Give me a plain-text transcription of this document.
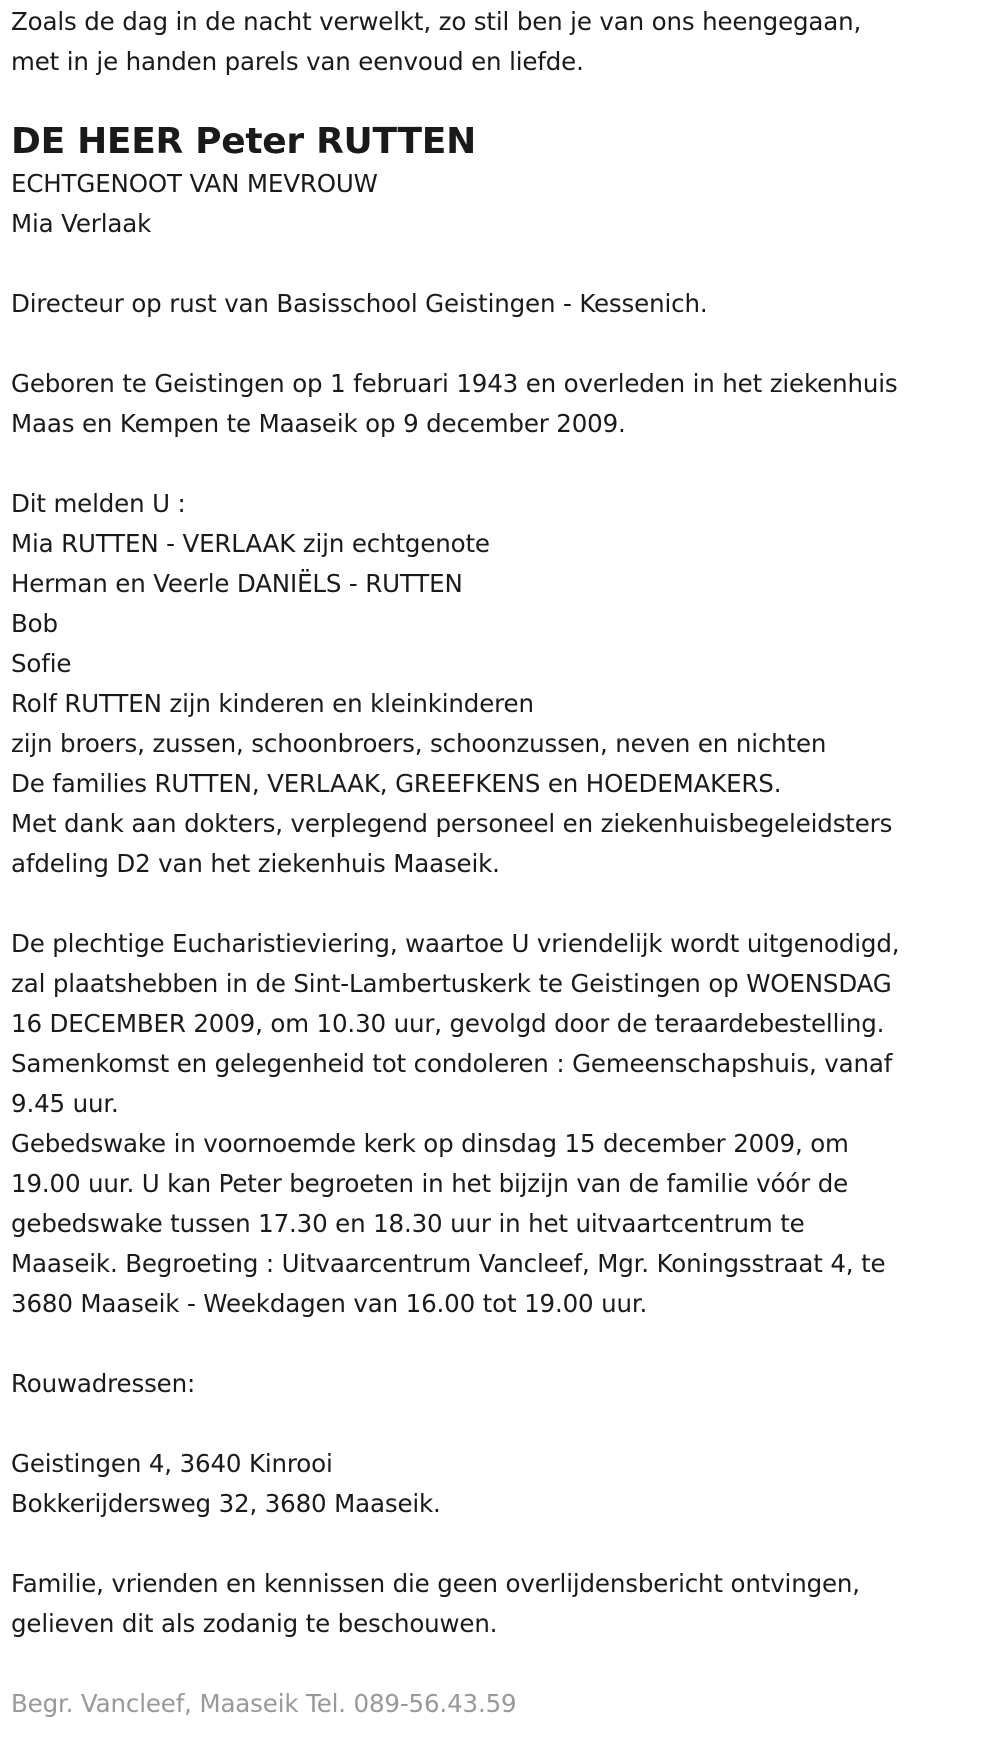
Zoals de dag in de nacht verwelkt, zo stil ben je van ons heengegaan,
met in je handen parels van eenvoud en liefde.
DE HEER Peter RUTTEN
ECHTGENOOT VAN MEVROUW
Mia Verlaak
Directeur op rust van Basisschool Geistingen - Kessenich.
Geboren te Geistingen op 1 februari 1943 en overleden in het ziekenhuis
Maas en Kempen te Maaseik op 9 december 2009.
Dit melden U :
Mia RUTTEN - VERLAAK zijn echtgenote
Herman en Veerle DANIËLS - RUTTEN
Bob
Sofie
Rolf RUTTEN zijn kinderen en kleinkinderen
zijn broers, zussen, schoonbroers, schoonzussen, neven en nichten
De families RUTTEN, VERLAAK, GREEFKENS en HOEDEMAKERS.
Met dank aan dokters, verplegend personeel en ziekenhuisbegeleidsters
afdeling D2 van het ziekenhuis Maaseik.
De plechtige Eucharistieviering, waartoe U vriendelijk wordt uitgenodigd,
zal plaatshebben in de Sint-Lambertuskerk te Geistingen op WOENSDAG
16 DECEMBER 2009, om 10.30 uur, gevolgd door de teraardebestelling.
Samenkomst en gelegenheid tot condoleren : Gemeenschapshuis, vanaf
9.45 uur.
Gebedswake in voornoemde kerk op dinsdag 15 december 2009, om
19.00 uur. U kan Peter begroeten in het bijzijn van de familie vóór de
gebedswake tussen 17.30 en 18.30 uur in het uitvaartcentrum te
Maaseik. Begroeting : Uitvaarcentrum Vancleef, Mgr. Koningsstraat 4, te
3680 Maaseik - Weekdagen van 16.00 tot 19.00 uur.
Rouwadressen:
Geistingen 4, 3640 Kinrooi
Bokkerijdersweg 32, 3680 Maaseik.
Familie, vrienden en kennissen die geen overlijdensbericht ontvingen,
gelieven dit als zodanig te beschouwen.
Begr. Vancleef, Maaseik Tel. 089-56.43.59
